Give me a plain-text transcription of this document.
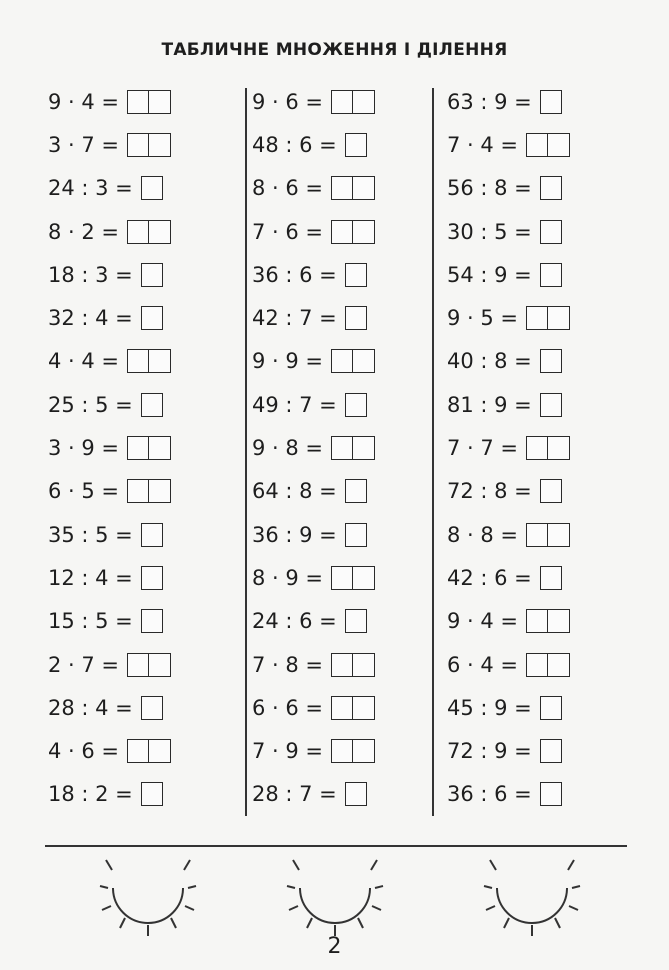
ТАБЛИЧНЕ МНОЖЕННЯ І ДІЛЕННЯ
9 · 4 =
3 · 7 =
24 : 3 =
8 · 2 =
18 : 3 =
32 : 4 =
4 · 4 =
25 : 5 =
3 · 9 =
6 · 5 =
35 : 5 =
12 : 4 =
15 : 5 =
2 · 7 =
28 : 4 =
4 · 6 =
18 : 2 =
9 · 6 =
48 : 6 =
8 · 6 =
7 · 6 =
36 : 6 =
42 : 7 =
9 · 9 =
49 : 7 =
9 · 8 =
64 : 8 =
36 : 9 =
8 · 9 =
24 : 6 =
7 · 8 =
6 · 6 =
7 · 9 =
28 : 7 =
63 : 9 =
7 · 4 =
56 : 8 =
30 : 5 =
54 : 9 =
9 · 5 =
40 : 8 =
81 : 9 =
7 · 7 =
72 : 8 =
8 · 8 =
42 : 6 =
9 · 4 =
6 · 4 =
45 : 9 =
72 : 9 =
36 : 6 =
2
